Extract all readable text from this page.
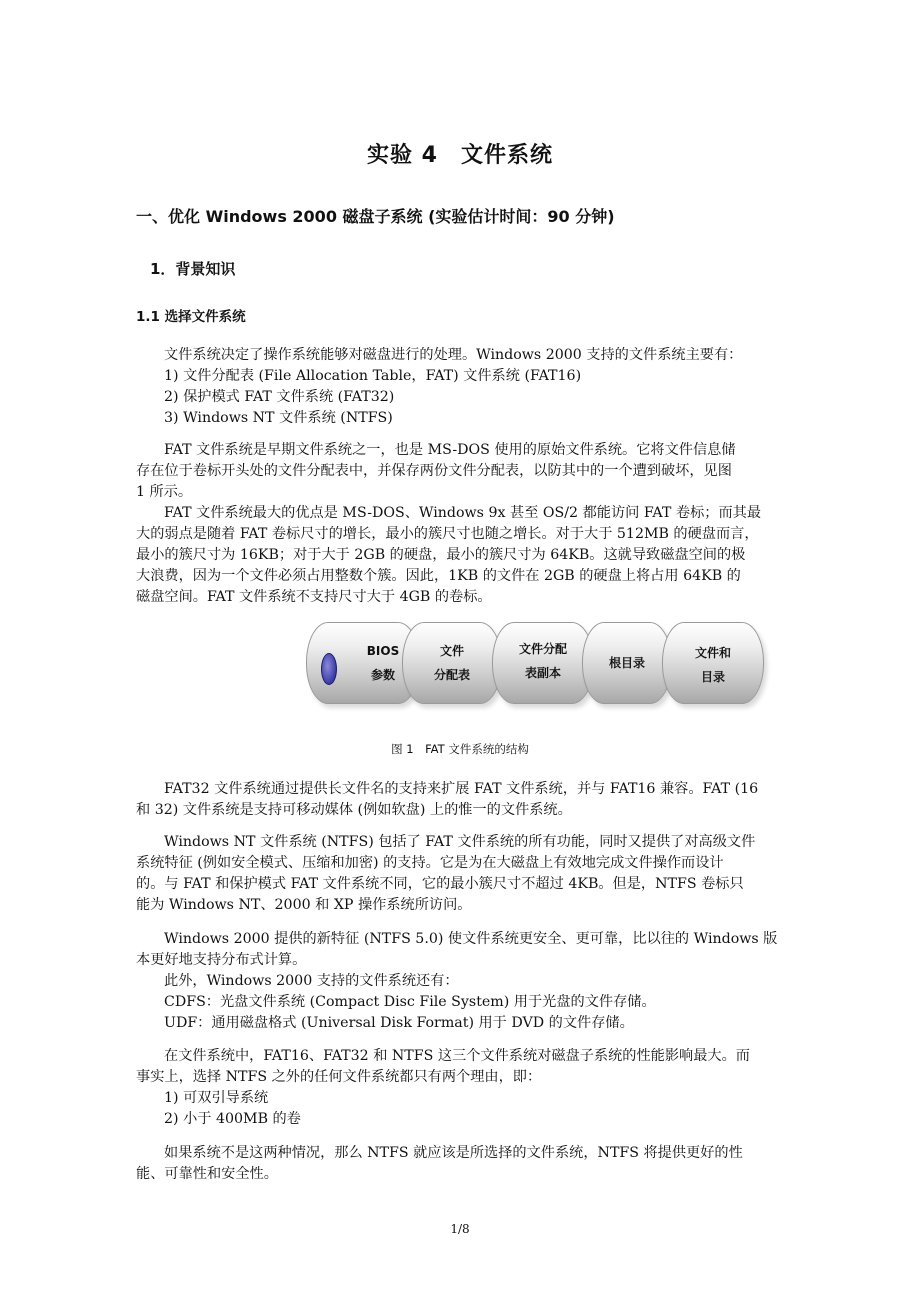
实验 4　文件系统
一、优化 Windows 2000 磁盘子系统 (实验估计时间：90 分钟)
1．背景知识
1.1 选择文件系统
文件系统决定了操作系统能够对磁盘进行的处理。Windows 2000 支持的文件系统主要有：
1) 文件分配表 (File Allocation Table，FAT) 文件系统 (FAT16)
2) 保护模式 FAT 文件系统 (FAT32)
3) Windows NT 文件系统 (NTFS)
FAT 文件系统是早期文件系统之一，也是 MS-DOS 使用的原始文件系统。它将文件信息储
存在位于卷标开头处的文件分配表中，并保存两份文件分配表，以防其中的一个遭到破坏，见图
1 所示。
FAT 文件系统最大的优点是 MS-DOS、Windows 9x 甚至 OS/2 都能访问 FAT 卷标；而其最
大的弱点是随着 FAT 卷标尺寸的增长，最小的簇尺寸也随之增长。对于大于 512MB 的硬盘而言，
最小的簇尺寸为 16KB；对于大于 2GB 的硬盘，最小的簇尺寸为 64KB。这就导致磁盘空间的极
大浪费，因为一个文件必须占用整数个簇。因此，1KB 的文件在 2GB 的硬盘上将占用 64KB 的
磁盘空间。FAT 文件系统不支持尺寸大于 4GB 的卷标。
BIOS
参数
文件
分配表
文件分配
表副本
根目录
文件和
目录
图 1　FAT 文件系统的结构
FAT32 文件系统通过提供长文件名的支持来扩展 FAT 文件系统，并与 FAT16 兼容。FAT (16
和 32) 文件系统是支持可移动媒体 (例如软盘) 上的惟一的文件系统。
Windows NT 文件系统 (NTFS) 包括了 FAT 文件系统的所有功能，同时又提供了对高级文件
系统特征 (例如安全模式、压缩和加密) 的支持。它是为在大磁盘上有效地完成文件操作而设计
的。与 FAT 和保护模式 FAT 文件系统不同，它的最小簇尺寸不超过 4KB。但是，NTFS 卷标只
能为 Windows NT、2000 和 XP 操作系统所访问。
Windows 2000 提供的新特征 (NTFS 5.0) 使文件系统更安全、更可靠，比以往的 Windows 版
本更好地支持分布式计算。
此外，Windows 2000 支持的文件系统还有：
CDFS：光盘文件系统 (Compact Disc File System) 用于光盘的文件存储。
UDF：通用磁盘格式 (Universal Disk Format) 用于 DVD 的文件存储。
在文件系统中，FAT16、FAT32 和 NTFS 这三个文件系统对磁盘子系统的性能影响最大。而
事实上，选择 NTFS 之外的任何文件系统都只有两个理由，即：
1) 可双引导系统
2) 小于 400MB 的卷
如果系统不是这两种情况，那么 NTFS 就应该是所选择的文件系统，NTFS 将提供更好的性
能、可靠性和安全性。
1/8
